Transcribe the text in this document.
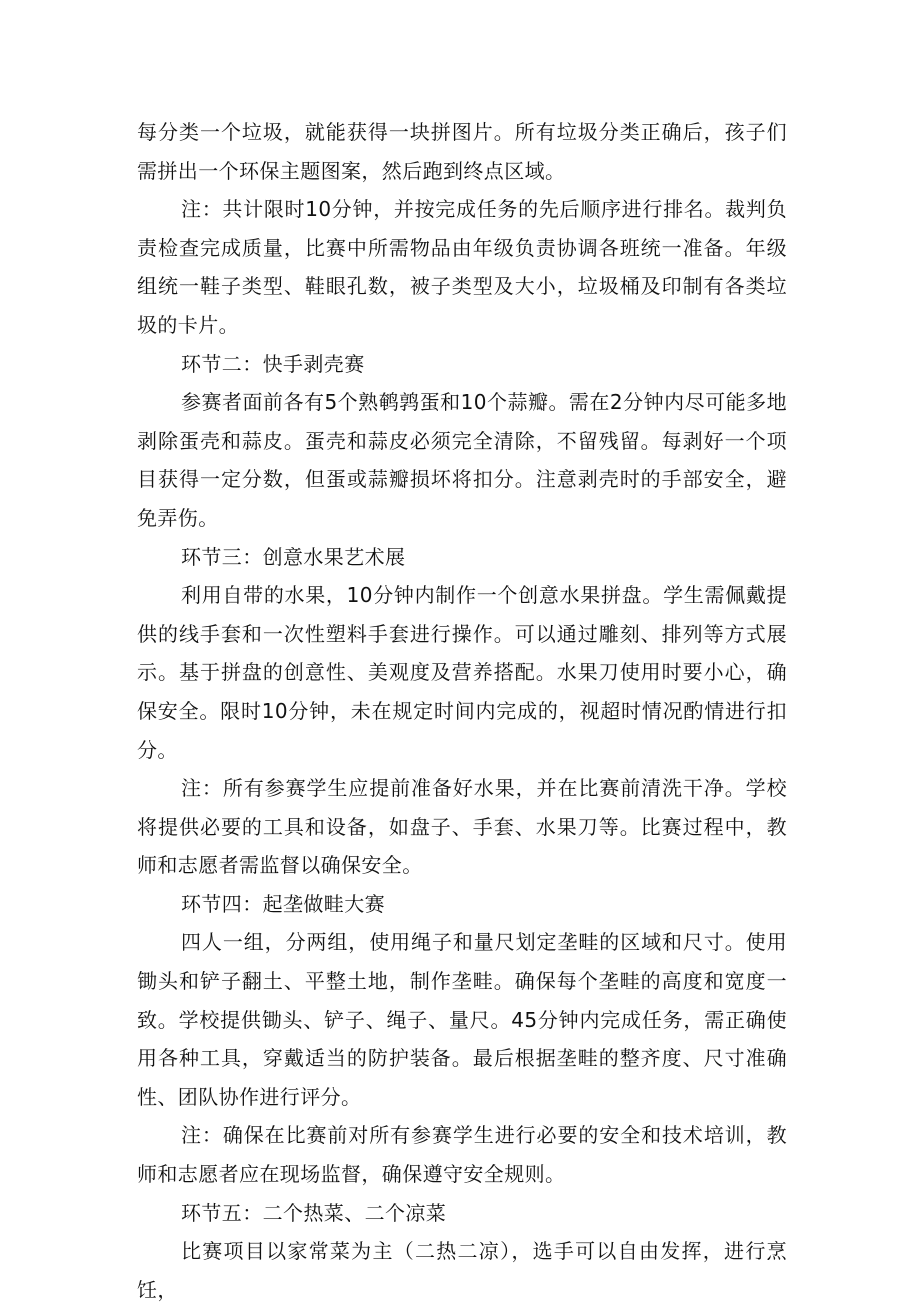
每分类一个垃圾，就能获得一块拼图片。所有垃圾分类正确后，孩子们需拼出一个环保主题图案，然后跑到终点区域。

注：共计限时10分钟，并按完成任务的先后顺序进行排名。裁判负责检查完成质量，比赛中所需物品由年级负责协调各班统一准备。年级组统一鞋子类型、鞋眼孔数，被子类型及大小，垃圾桶及印制有各类垃圾的卡片。

环节二：快手剥壳赛

参赛者面前各有5个熟鹌鹑蛋和10个蒜瓣。需在2分钟内尽可能多地剥除蛋壳和蒜皮。蛋壳和蒜皮必须完全清除，不留残留。每剥好一个项目获得一定分数，但蛋或蒜瓣损坏将扣分。注意剥壳时的手部安全，避免弄伤。

环节三：创意水果艺术展

利用自带的水果，10分钟内制作一个创意水果拼盘。学生需佩戴提供的线手套和一次性塑料手套进行操作。可以通过雕刻、排列等方式展示。基于拼盘的创意性、美观度及营养搭配。水果刀使用时要小心，确保安全。限时10分钟，未在规定时间内完成的，视超时情况酌情进行扣分。

注：所有参赛学生应提前准备好水果，并在比赛前清洗干净。学校将提供必要的工具和设备，如盘子、手套、水果刀等。比赛过程中，教师和志愿者需监督以确保安全。

环节四：起垄做畦大赛

四人一组，分两组，使用绳子和量尺划定垄畦的区域和尺寸。使用锄头和铲子翻土、平整土地，制作垄畦。确保每个垄畦的高度和宽度一致。学校提供锄头、铲子、绳子、量尺。45分钟内完成任务，需正确使用各种工具，穿戴适当的防护装备。最后根据垄畦的整齐度、尺寸准确性、团队协作进行评分。

注：确保在比赛前对所有参赛学生进行必要的安全和技术培训，教师和志愿者应在现场监督，确保遵守安全规则。

环节五：二个热菜、二个凉菜

比赛项目以家常菜为主（二热二凉），选手可以自由发挥，进行烹饪，
